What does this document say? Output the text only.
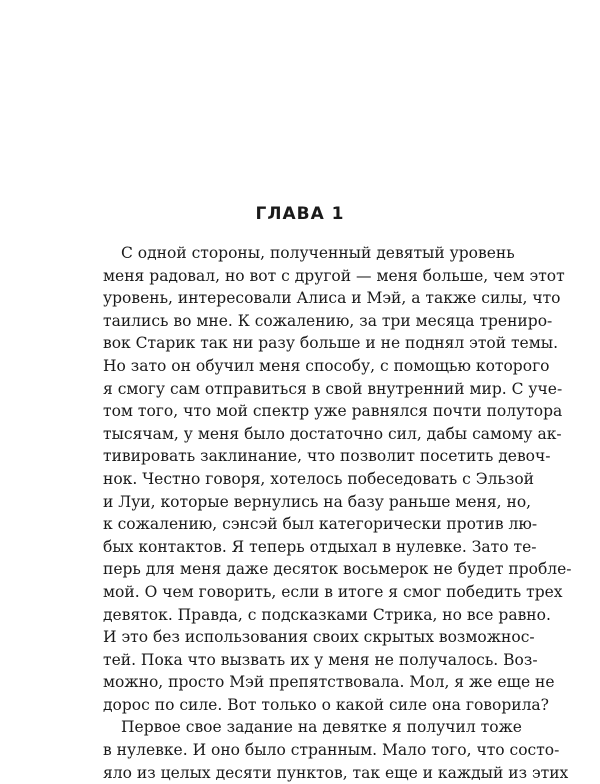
ГЛАВА 1
С одной стороны, полученный девятый уровень
меня радовал, но вот с другой — меня больше, чем этот
уровень, интересовали Алиса и Мэй, а также силы, что
таились во мне. К сожалению, за три месяца трениро-
вок Старик так ни разу больше и не поднял этой темы.
Но зато он обучил меня способу, с помощью которого
я смогу сам отправиться в свой внутренний мир. С уче-
том того, что мой спектр уже равнялся почти полутора
тысячам, у меня было достаточно сил, дабы самому ак-
тивировать заклинание, что позволит посетить девоч-
нок. Честно говоря, хотелось побеседовать с Эльзой
и Луи, которые вернулись на базу раньше меня, но,
к сожалению, сэнсэй был категорически против лю-
бых контактов. Я теперь отдыхал в нулевке. Зато те-
перь для меня даже десяток восьмерок не будет пробле-
мой. О чем говорить, если в итоге я смог победить трех
девяток. Правда, с подсказками Стрика, но все равно.
И это без использования своих скрытых возможнос-
тей. Пока что вызвать их у меня не получалось. Воз-
можно, просто Мэй препятствовала. Мол, я же еще не
дорос по силе. Вот только о какой силе она говорила?
Первое свое задание на девятке я получил тоже
в нулевке. И оно было странным. Мало того, что состо-
яло из целых десяти пунктов, так еще и каждый из этих
